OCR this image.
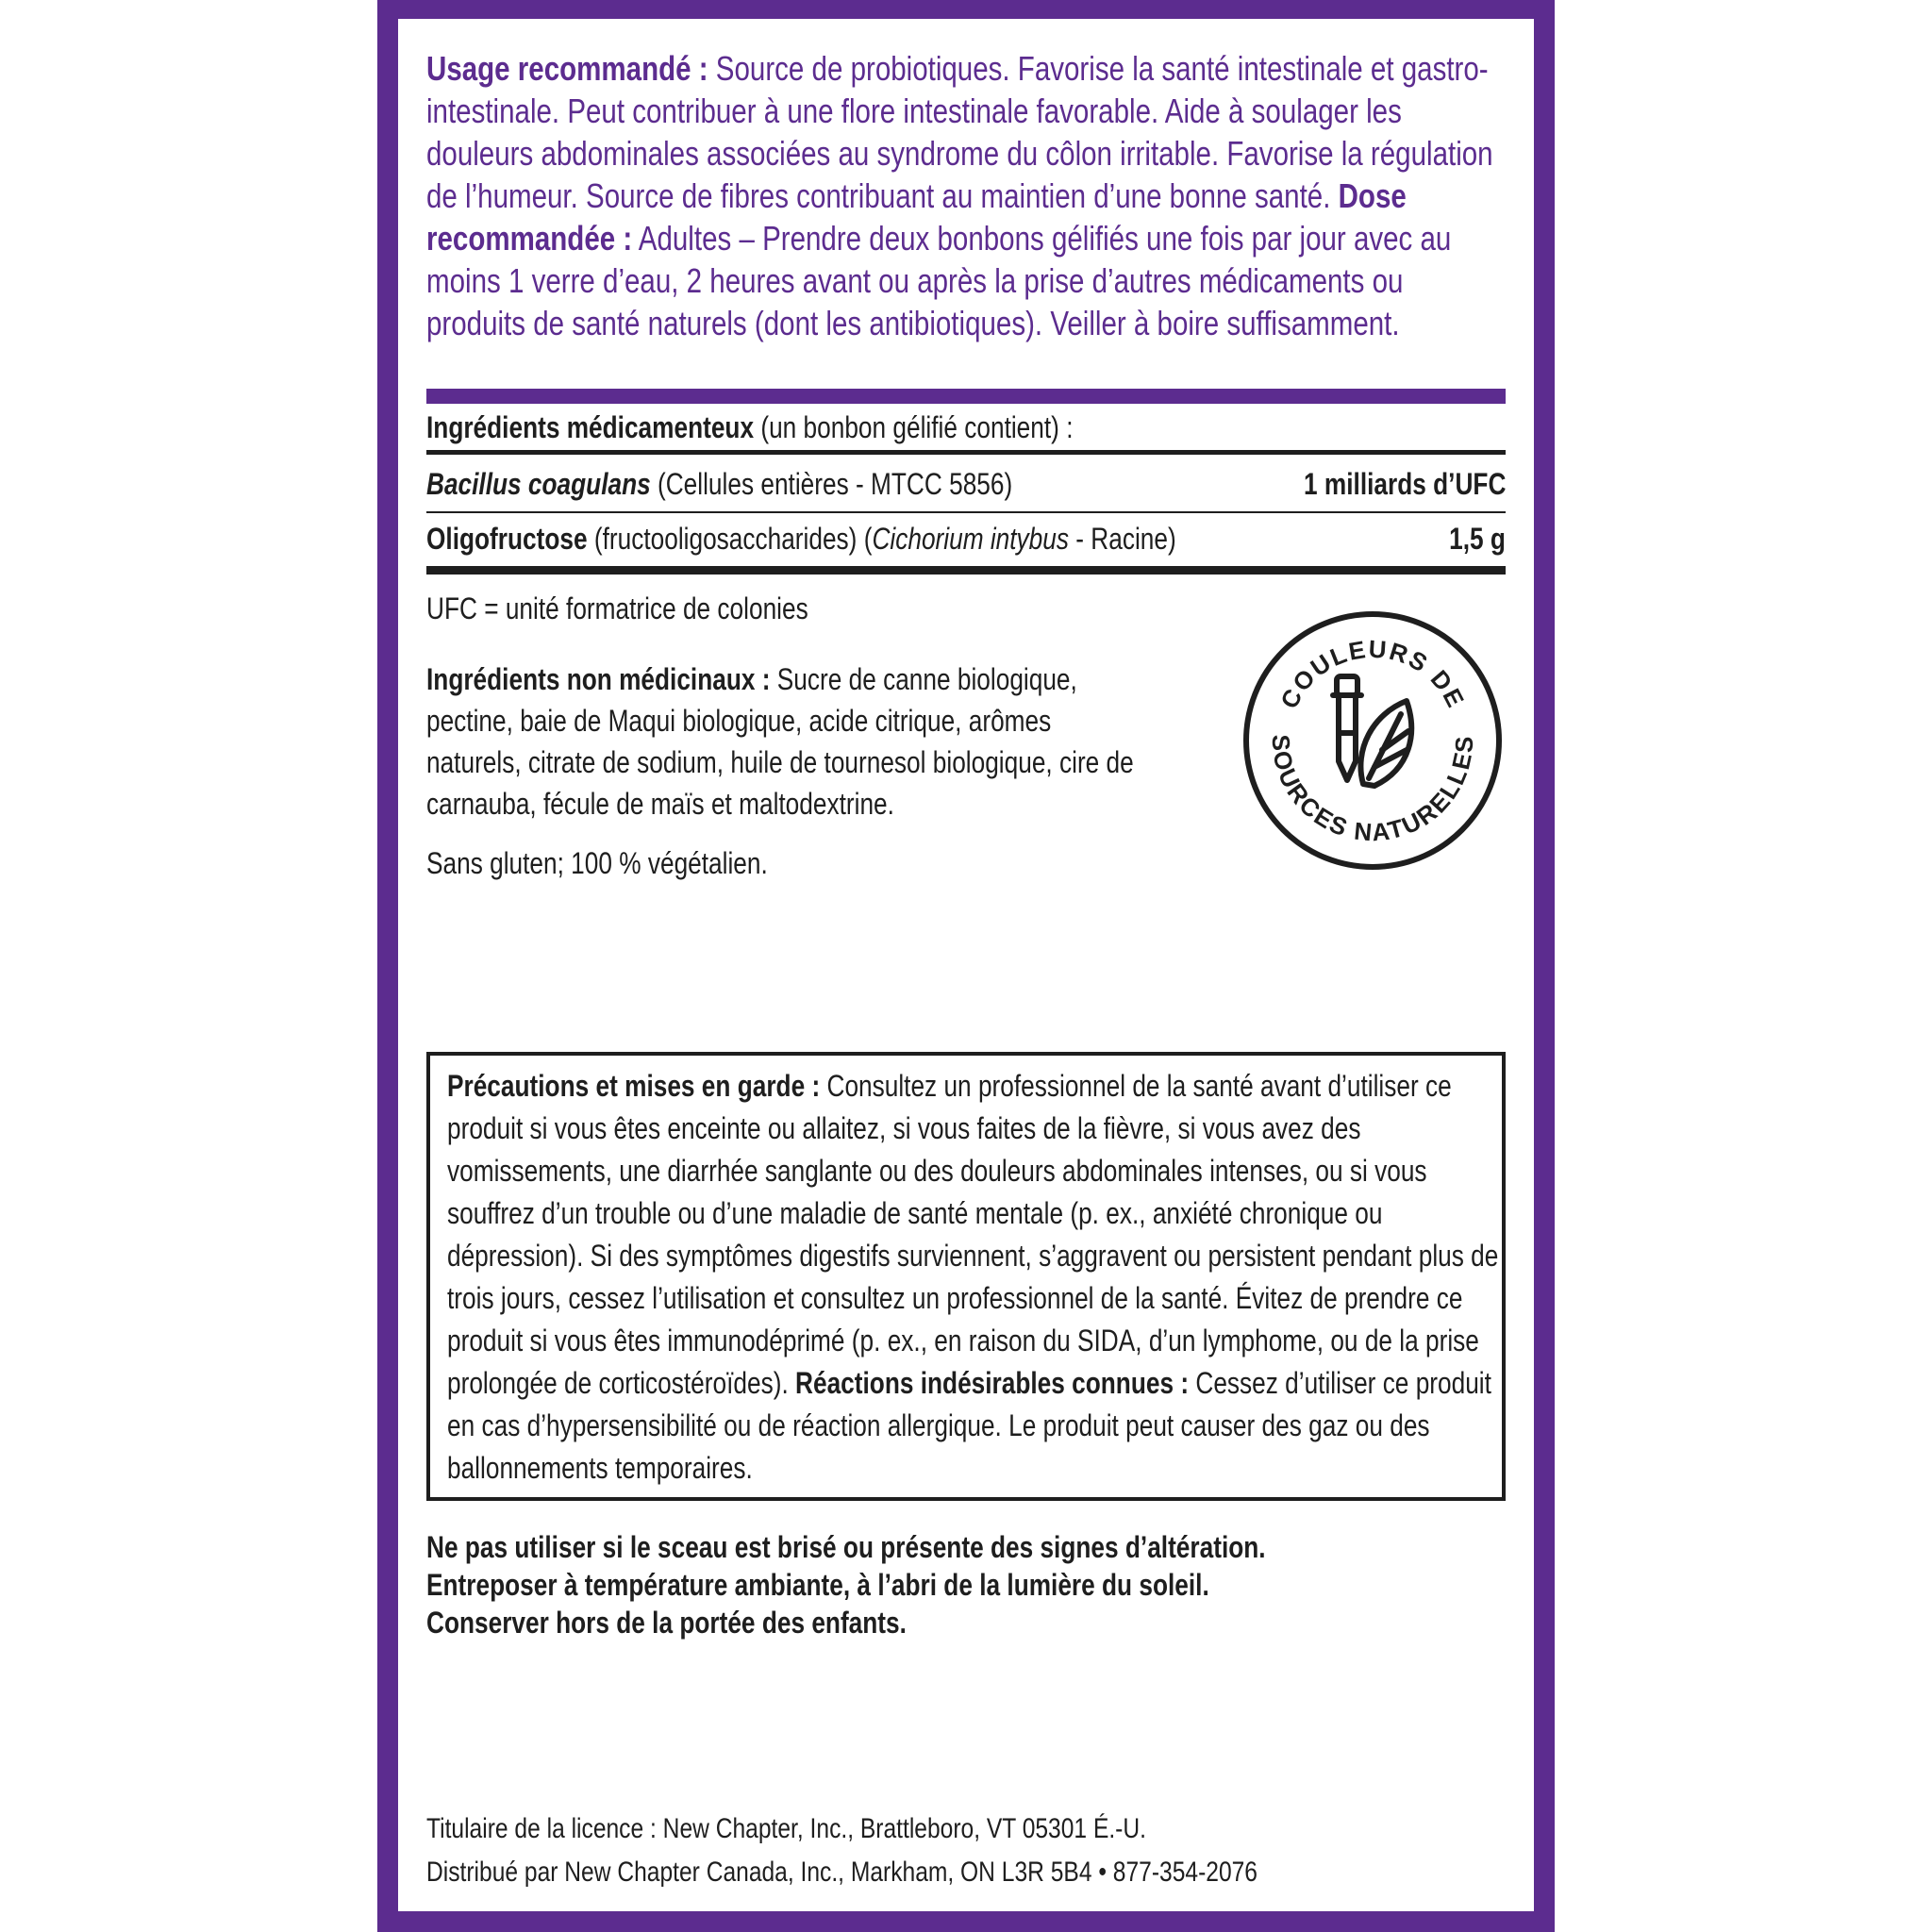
Usage recommandé : Source de probiotiques. Favorise la santé intestinale et gastro-intestinale. Peut contribuer à une flore intestinale favorable. Aide à soulager les douleurs abdominales associées au syndrome du côlon irritable. Favorise la régulation de l’humeur. Source de fibres contribuant au maintien d’une bonne santé. Dose recommandée : Adultes – Prendre deux bonbons gélifiés une fois par jour avec au moins 1 verre d’eau, 2 heures avant ou après la prise d’autres médicaments ou produits de santé naturels (dont les antibiotiques). Veiller à boire suffisamment.

Ingrédients médicamenteux (un bonbon gélifié contient) :
Bacillus coagulans (Cellules entières - MTCC 5856)	1 milliards d’UFC
Oligofructose (fructooligosaccharides) (Cichorium intybus - Racine)	1,5 g
UFC = unité formatrice de colonies

Ingrédients non médicinaux : Sucre de canne biologique, pectine, baie de Maqui biologique, acide citrique, arômes naturels, citrate de sodium, huile de tournesol biologique, cire de carnauba, fécule de maïs et maltodextrine.

Sans gluten; 100 % végétalien.
COULEURS DE
SOURCES NATURELLES

Précautions et mises en garde : Consultez un professionnel de la santé avant d’utiliser ce produit si vous êtes enceinte ou allaitez, si vous faites de la fièvre, si vous avez des vomissements, une diarrhée sanglante ou des douleurs abdominales intenses, ou si vous souffrez d’un trouble ou d’une maladie de santé mentale (p. ex., anxiété chronique ou dépression). Si des symptômes digestifs surviennent, s’aggravent ou persistent pendant plus de trois jours, cessez l’utilisation et consultez un professionnel de la santé. Évitez de prendre ce produit si vous êtes immunodéprimé (p. ex., en raison du SIDA, d’un lymphome, ou de la prise prolongée de corticostéroïdes). Réactions indésirables connues : Cessez d’utiliser ce produit en cas d’hypersensibilité ou de réaction allergique. Le produit peut causer des gaz ou des ballonnements temporaires.

Ne pas utiliser si le sceau est brisé ou présente des signes d’altération.
Entreposer à température ambiante, à l’abri de la lumière du soleil.
Conserver hors de la portée des enfants.
Titulaire de la licence : New Chapter, Inc., Brattleboro, VT 05301 É.-U.
Distribué par New Chapter Canada, Inc., Markham, ON L3R 5B4 • 877-354-2076
